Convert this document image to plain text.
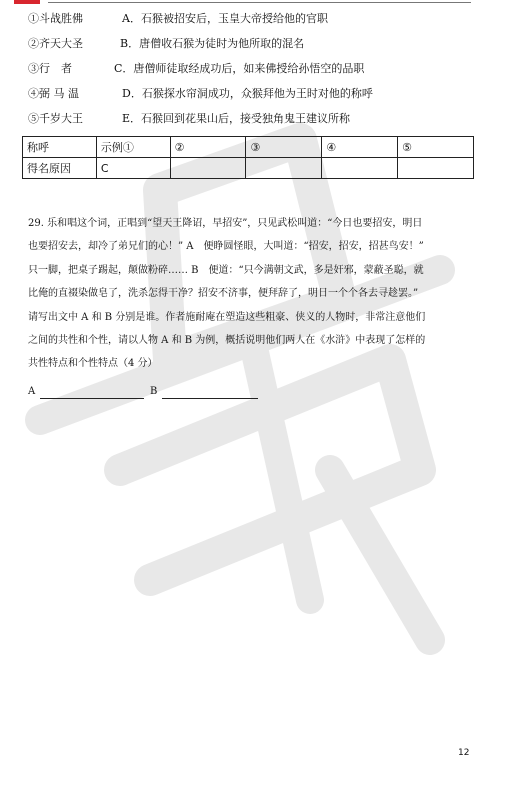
①斗战胜佛	A．石猴被招安后，玉皇大帝授给他的官职
②齐天大圣	B．唐僧收石猴为徒时为他所取的混名
③行　者	C．唐僧师徒取经成功后，如来佛授给孙悟空的品职
④弼 马 温	D．石猴探水帘洞成功，众猴拜他为王时对他的称呼
⑤千岁大王	E．石猴回到花果山后，接受独角鬼王建议所称
称呼	示例①	②	③	④	⑤
得名原因	C				

29. 乐和唱这个词，正唱到“望天王降诏，早招安”，只见武松叫道：“今日也要招安，明日

也要招安去，却冷了弟兄们的心！” A　便睁圆怪眼，大叫道：“招安，招安，招甚鸟安！”

只一脚，把桌子踢起，颠做粉碎…… B　便道：“只今满朝文武，多是奸邪，蒙蔽圣聪，就

比俺的直裰染做皂了，洗杀怎得干净？招安不济事，便拜辞了，明日一个个各去寻趁罢。”

请写出文中 A 和 B 分别是谁。作者施耐庵在塑造这些粗豪、侠义的人物时，非常注意他们

之间的共性和个性，请以人物 A 和 B 为例，概括说明他们两人在《水浒》中表现了怎样的

共性特点和个性特点（4 分）

A	B
12
